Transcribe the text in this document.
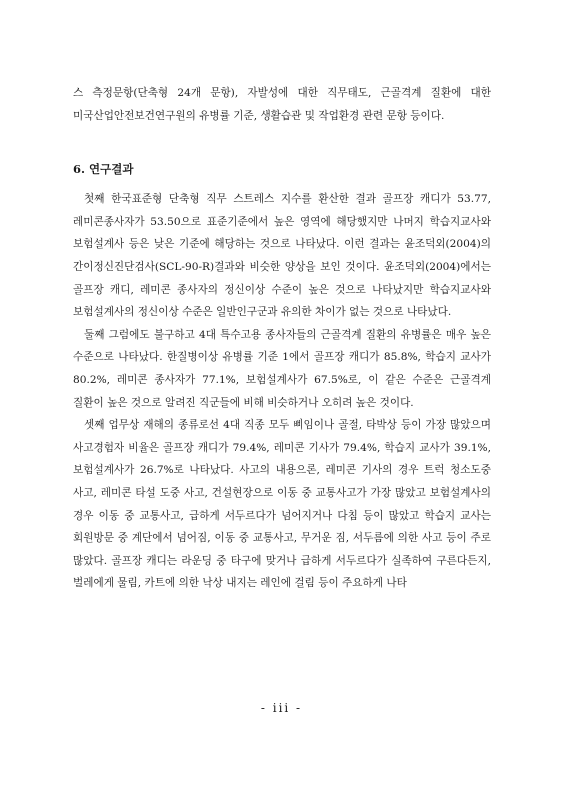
스 측정문항(단축형 24개 문항), 자발성에 대한 직무태도, 근골격계 질환에 대한 미국산업안전보건연구원의 유병률 기준, 생활습관 및 작업환경 관련 문항 등이다.

6. 연구결과

첫째 한국표준형 단축형 직무 스트레스 지수를 환산한 결과 골프장 캐디가 53.77, 레미콘종사자가 53.50으로 표준기준에서 높은 영역에 해당했지만 나머지 학습지교사와 보험설계사 등은 낮은 기준에 해당하는 것으로 나타났다. 이런 결과는 윤조덕외(2004)의 간이정신진단검사(SCL-90-R)결과와 비슷한 양상을 보인 것이다. 윤조덕외(2004)에서는 골프장 캐디, 레미콘 종사자의 정신이상 수준이 높은 것으로 나타났지만 학습지교사와 보험설계사의 정신이상 수준은 일반인구군과 유의한 차이가 없는 것으로 나타났다.

둘째 그럼에도 불구하고 4대 특수고용 종사자들의 근골격계 질환의 유병률은 매우 높은 수준으로 나타났다. 한질병이상 유병률 기준 1에서 골프장 캐디가 85.8%, 학습지 교사가 80.2%, 레미콘 종사자가 77.1%, 보험설계사가 67.5%로, 이 같은 수준은 근골격계 질환이 높은 것으로 알려진 직군들에 비해 비슷하거나 오히려 높은 것이다.

셋째 업무상 재해의 종류로선 4대 직종 모두 삐임이나 골절, 타박상 등이 가장 많았으며 사고경험자 비율은 골프장 캐디가 79.4%, 레미콘 기사가 79.4%, 학습지 교사가 39.1%, 보험설계사가 26.7%로 나타났다. 사고의 내용으론, 레미콘 기사의 경우 트럭 청소도중 사고, 레미콘 타설 도중 사고, 건설현장으로 이동 중 교통사고가 가장 많았고 보험설계사의 경우 이동 중 교통사고, 급하게 서두르다가 넘어지거나 다침 등이 많았고 학습지 교사는 회원방문 중 계단에서 넘어짐, 이동 중 교통사고, 무거운 짐, 서두름에 의한 사고 등이 주로 많았다. 골프장 캐디는 라운딩 중 타구에 맞거나 급하게 서두르다가 실족하여 구른다든지, 벌레에게 물림, 카트에 의한 낙상 내지는 레인에 걸림 등이 주요하게 나타

- iii -
